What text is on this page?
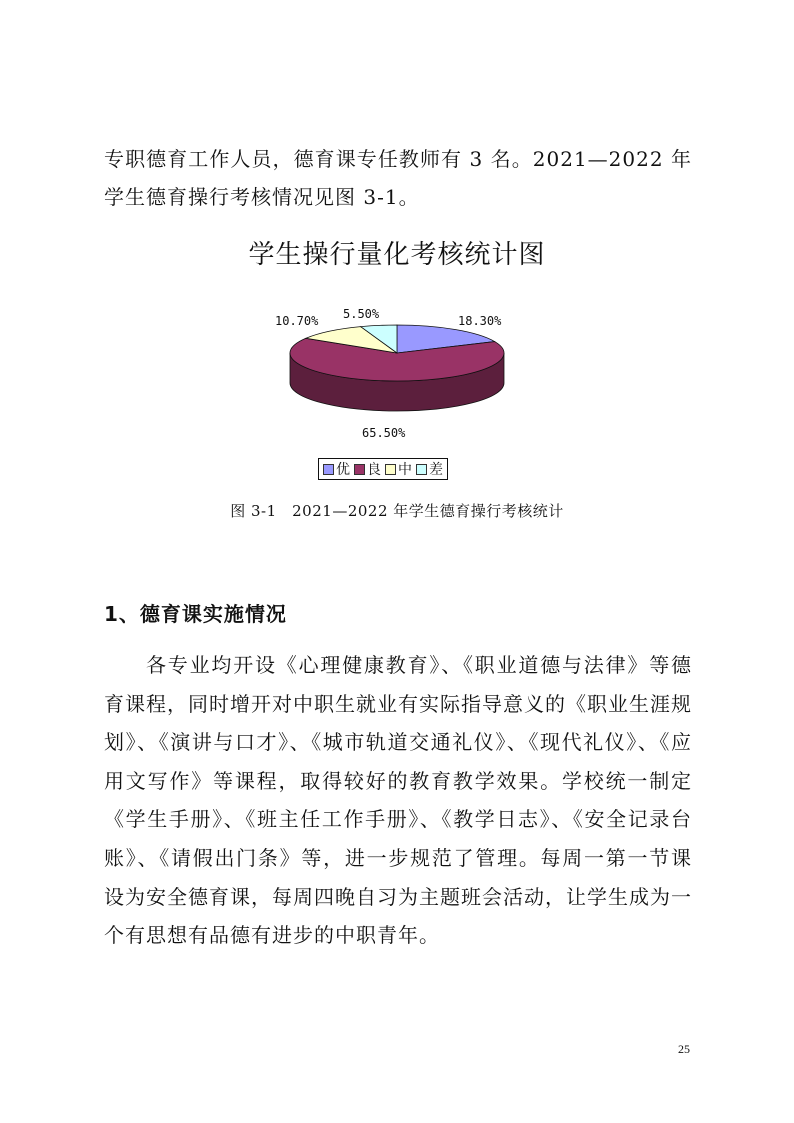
专职德育工作人员，德育课专任教师有 3 名。2021—2022 年学生德育操行考核情况见图 3-1。

学生操行量化考核统计图
18.30%
65.50%
10.70% 5.50%
优 良 中 差
图 3-1　2021—2022 年学生德育操行考核统计
1、德育课实施情况

各专业均开设《心理健康教育》、《职业道德与法律》等德育课程，同时增开对中职生就业有实际指导意义的《职业生涯规划》、《演讲与口才》、《城市轨道交通礼仪》、《现代礼仪》、《应用文写作》等课程，取得较好的教育教学效果。学校统一制定《学生手册》、《班主任工作手册》、《教学日志》、《安全记录台账》、《请假出门条》等，进一步规范了管理。每周一第一节课设为安全德育课，每周四晚自习为主题班会活动，让学生成为一个有思想有品德有进步的中职青年。

25
